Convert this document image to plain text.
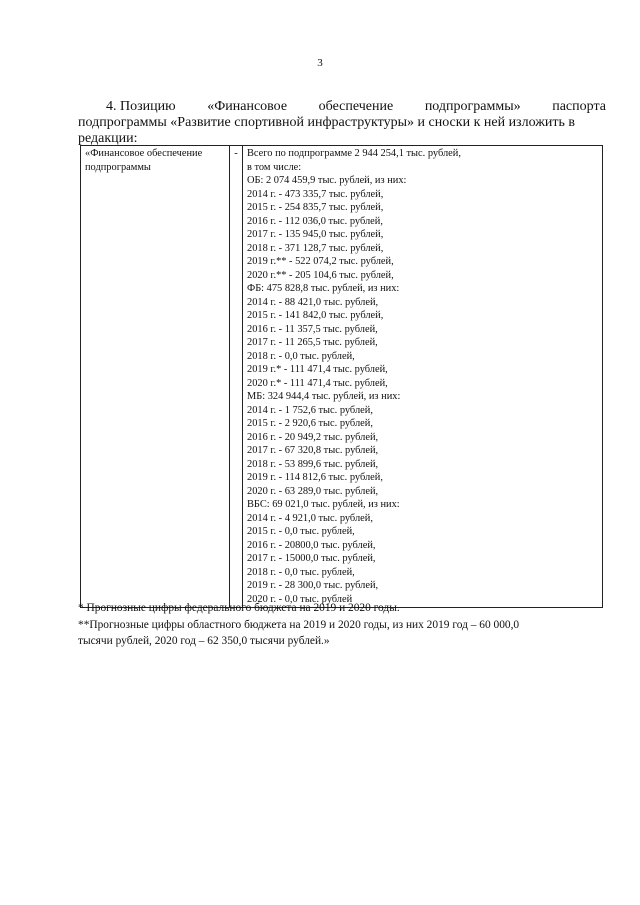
3
4. Позицию «Финансовое обеспечение подпрограммы» паспорта
подпрограммы «Развитие спортивной инфраструктуры» и сноски к ней изложить в
редакции:
«Финансовое обеспечение
подпрограммы
	-	Всего по подпрограмме 2 944 254,1 тыс. рублей,
в том числе:
ОБ: 2 074 459,9 тыс. рублей, из них:
2014 г. - 473 335,7 тыс. рублей,
2015 г. - 254 835,7 тыс. рублей,
2016 г. - 112 036,0 тыс. рублей,
2017 г. - 135 945,0 тыс. рублей,
2018 г. - 371 128,7 тыс. рублей,
2019 г.** - 522 074,2 тыс. рублей,
2020 г.** - 205 104,6 тыс. рублей,
ФБ: 475 828,8 тыс. рублей, из них:
2014 г. - 88 421,0 тыс. рублей,
2015 г. - 141 842,0 тыс. рублей,
2016 г. - 11 357,5 тыс. рублей,
2017 г. - 11 265,5 тыс. рублей,
2018 г. - 0,0 тыс. рублей,
2019 г.* - 111 471,4 тыс. рублей,
2020 г.* - 111 471,4 тыс. рублей,
МБ: 324 944,4 тыс. рублей, из них:
2014 г. - 1 752,6 тыс. рублей,
2015 г. - 2 920,6 тыс. рублей,
2016 г. - 20 949,2 тыс. рублей,
2017 г. - 67 320,8 тыс. рублей,
2018 г. - 53 899,6 тыс. рублей,
2019 г. - 114 812,6 тыс. рублей,
2020 г. - 63 289,0 тыс. рублей,
ВБС: 69 021,0 тыс. рублей, из них:
2014 г. - 4 921,0 тыс. рублей,
2015 г. - 0,0 тыс. рублей,
2016 г. - 20800,0 тыс. рублей,
2017 г. - 15000,0 тыс. рублей,
2018 г. - 0,0 тыс. рублей,
2019 г. - 28 300,0 тыс. рублей,
2020 г. - 0,0 тыс. рублей
* Прогнозные цифры федерального бюджета на 2019 и 2020 годы.
**Прогнозные цифры областного бюджета на 2019 и 2020 годы, из них 2019 год – 60 000,0
тысячи рублей, 2020 год – 62 350,0 тысячи рублей.»
